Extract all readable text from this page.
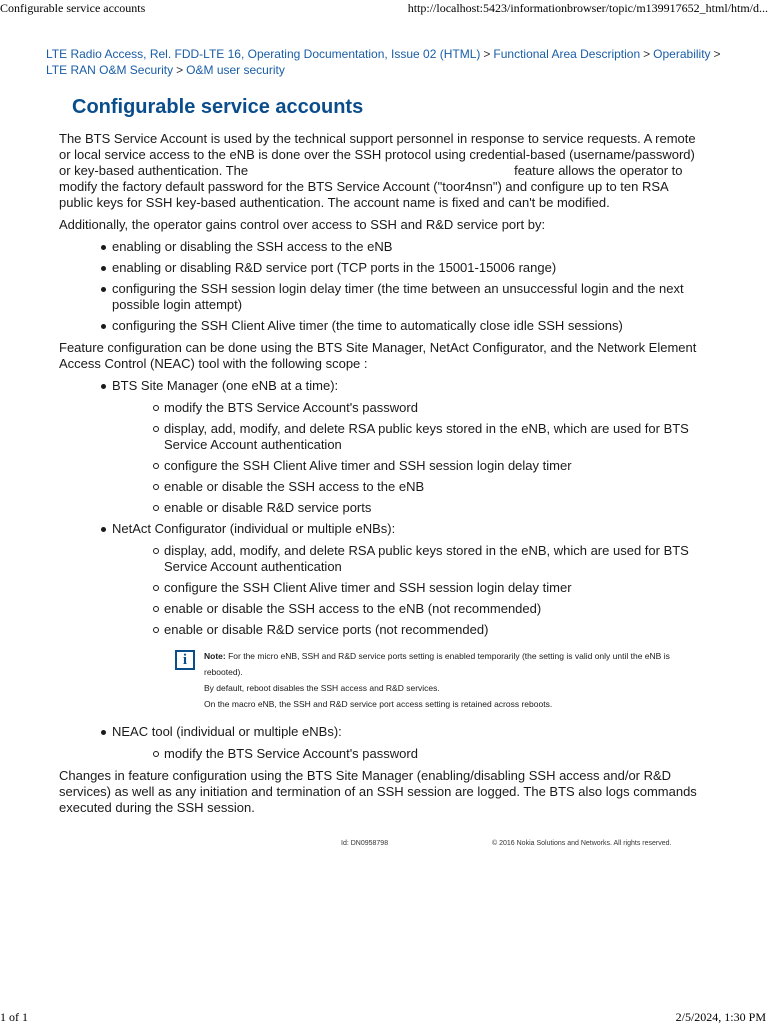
Configurable service accounts	http://localhost:5423/informationbrowser/topic/m139917652_html/htm/d...
LTE Radio Access, Rel. FDD-LTE 16, Operating Documentation, Issue 02 (HTML) > Functional Area Description > Operability >
LTE RAN O&M Security > O&M user security
Configurable service accounts

The BTS Service Account is used by the technical support personnel in response to service requests. A remote or local service access to the eNB is done over the SSH protocol using credential-based (username/password) or key-based authentication. The	feature allows the operator to modify the factory default password for the BTS Service Account ("toor4nsn") and configure up to ten RSA public keys for SSH key-based authentication. The account name is fixed and can't be modified.

Additionally, the operator gains control over access to SSH and R&D service port by:

enabling or disabling the SSH access to the eNB
enabling or disabling R&D service port (TCP ports in the 15001-15006 range)
configuring the SSH session login delay timer (the time between an unsuccessful login and the next possible login attempt)
configuring the SSH Client Alive timer (the time to automatically close idle SSH sessions)

Feature configuration can be done using the BTS Site Manager, NetAct Configurator, and the Network Element Access Control (NEAC) tool with the following scope :

BTS Site Manager (one eNB at a time):
modify the BTS Service Account's password
display, add, modify, and delete RSA public keys stored in the eNB, which are used for BTS Service Account authentication
configure the SSH Client Alive timer and SSH session login delay timer
enable or disable the SSH access to the eNB
enable or disable R&D service ports
NetAct Configurator (individual or multiple eNBs):
display, add, modify, and delete RSA public keys stored in the eNB, which are used for BTS Service Account authentication
configure the SSH Client Alive timer and SSH session login delay timer
enable or disable the SSH access to the eNB (not recommended)
enable or disable R&D service ports (not recommended)
i	Note: For the micro eNB, SSH and R&D service ports setting is enabled temporarily (the setting is valid only until the eNB is rebooted).
By default, reboot disables the SSH access and R&D services.
On the macro eNB, the SSH and R&D service port access setting is retained across reboots.
NEAC tool (individual or multiple eNBs):
modify the BTS Service Account's password

Changes in feature configuration using the BTS Site Manager (enabling/disabling SSH access and/or R&D services) as well as any initiation and termination of an SSH session are logged. The BTS also logs commands executed during the SSH session.

Id: DN0958798	© 2016 Nokia Solutions and Networks. All rights reserved.
1 of 1	2/5/2024, 1:30 PM
